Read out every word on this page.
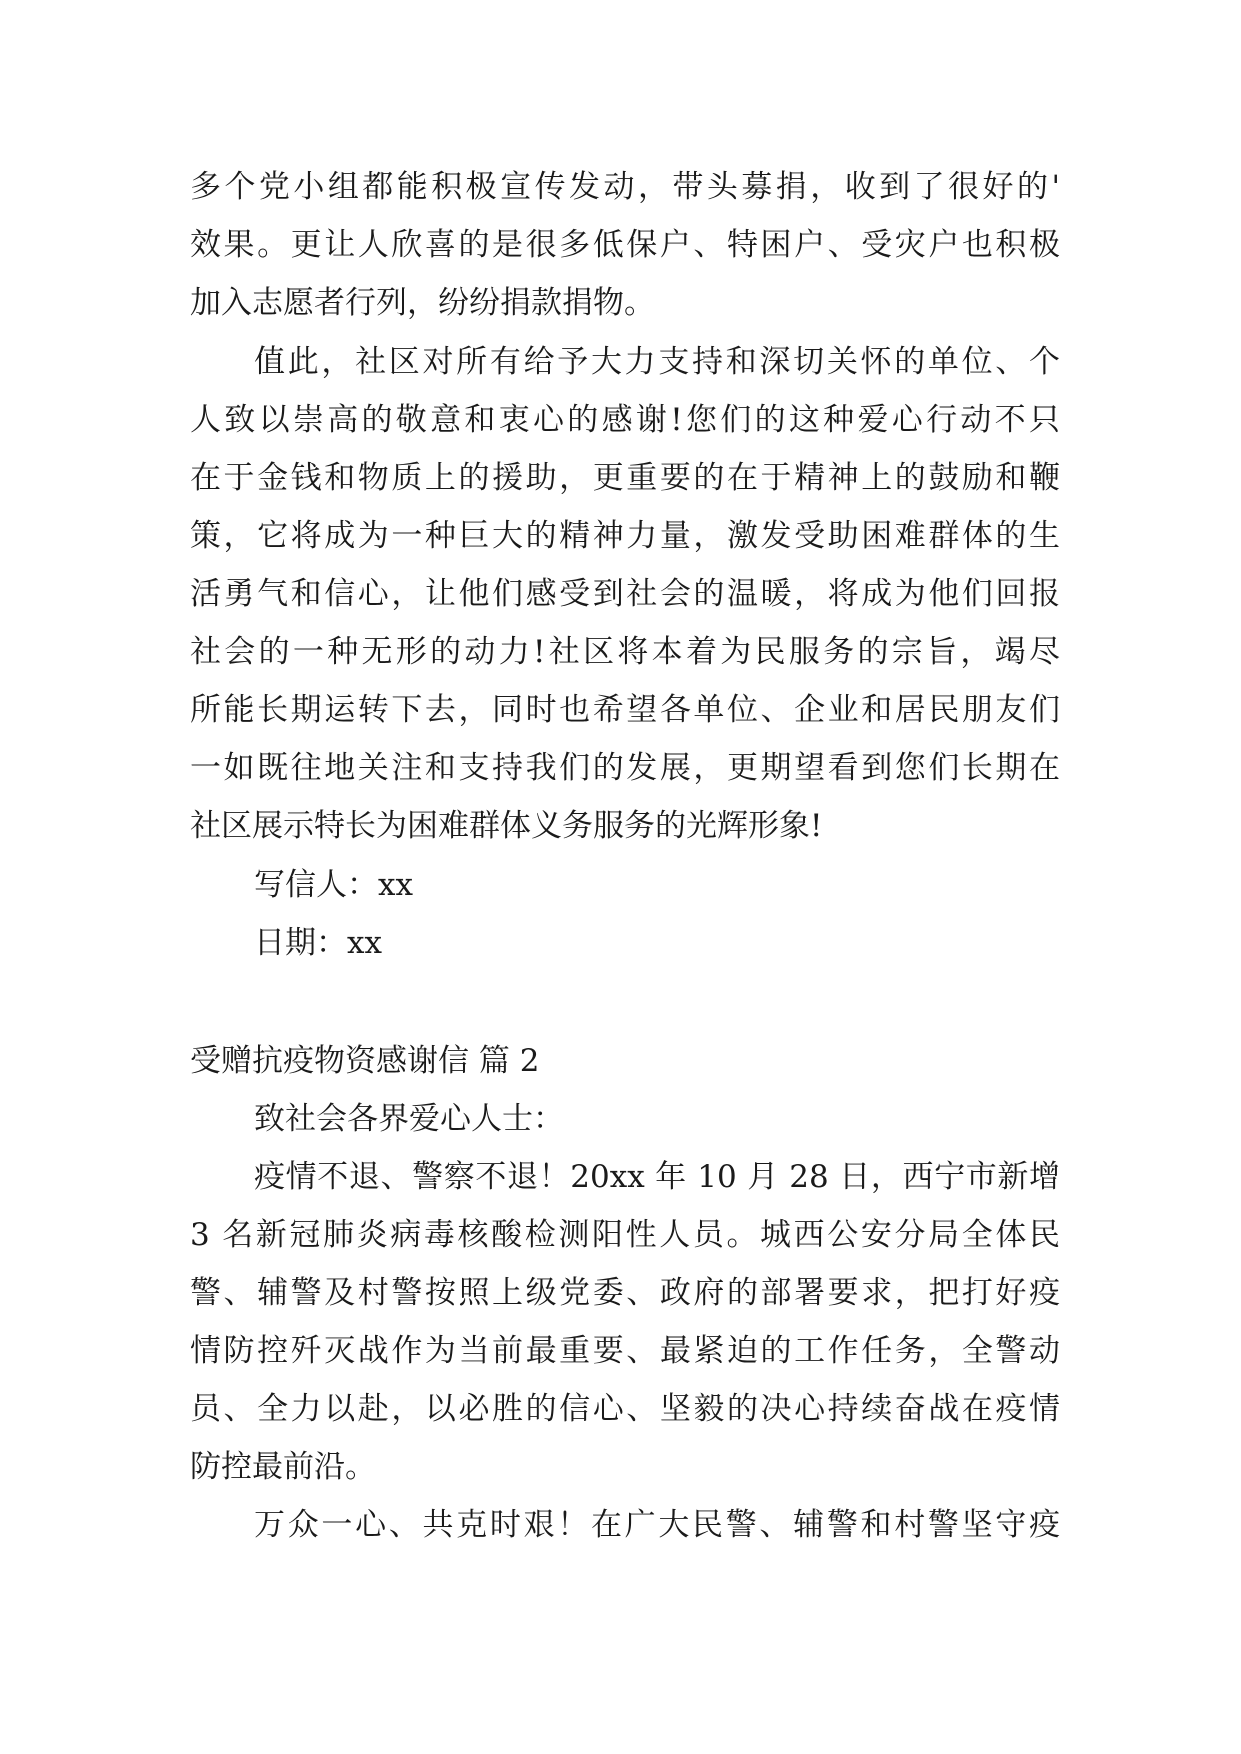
多个党小组都能积极宣传发动，带头募捐，收到了很好的'
效果。更让人欣喜的是很多低保户、特困户、受灾户也积极
加入志愿者行列，纷纷捐款捐物。
值此，社区对所有给予大力支持和深切关怀的单位、个
人致以崇高的敬意和衷心的感谢!您们的这种爱心行动不只
在于金钱和物质上的援助，更重要的在于精神上的鼓励和鞭
策，它将成为一种巨大的精神力量，激发受助困难群体的生
活勇气和信心，让他们感受到社会的温暖，将成为他们回报
社会的一种无形的动力!社区将本着为民服务的宗旨，竭尽
所能长期运转下去，同时也希望各单位、企业和居民朋友们
一如既往地关注和支持我们的发展，更期望看到您们长期在
社区展示特长为困难群体义务服务的光辉形象!
写信人：xx
日期：xx
受赠抗疫物资感谢信 篇 2
致社会各界爱心人士：
疫情不退、警察不退！20xx 年 10 月 28 日，西宁市新增
3 名新冠肺炎病毒核酸检测阳性人员。城西公安分局全体民
警、辅警及村警按照上级党委、政府的部署要求，把打好疫
情防控歼灭战作为当前最重要、最紧迫的工作任务，全警动
员、全力以赴，以必胜的信心、坚毅的决心持续奋战在疫情
防控最前沿。
万众一心、共克时艰！在广大民警、辅警和村警坚守疫
